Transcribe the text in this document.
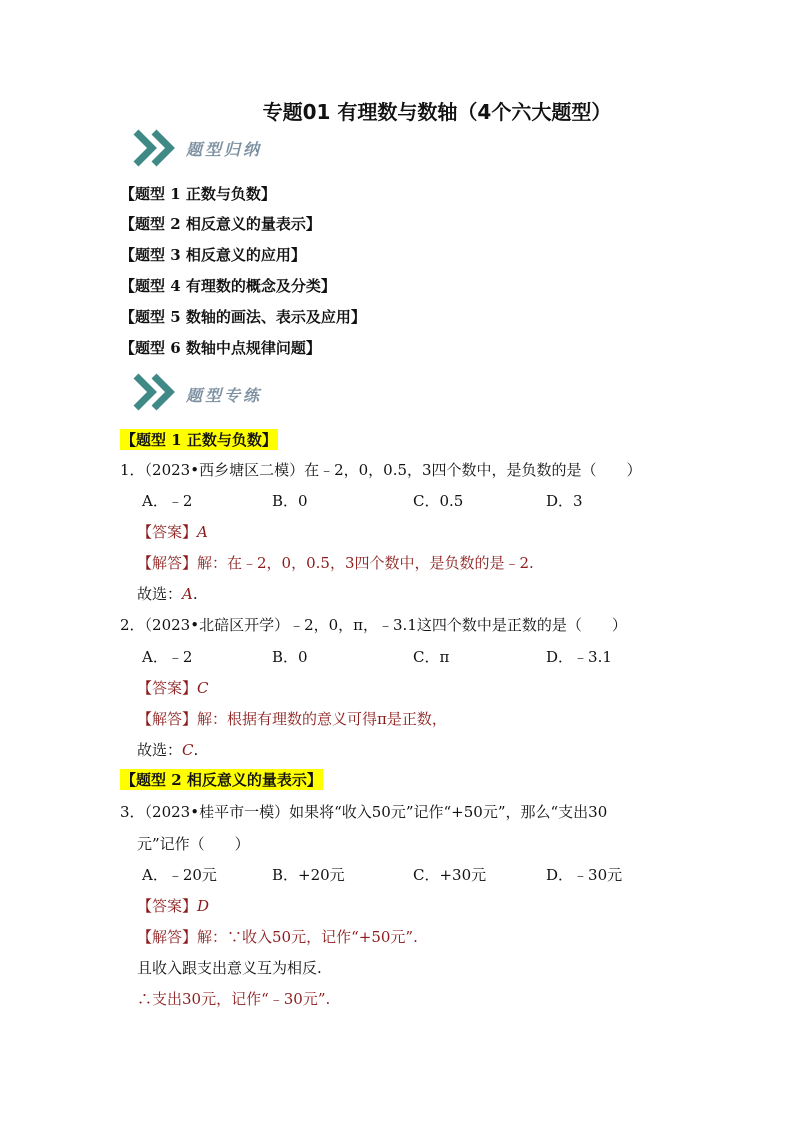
专题01 有理数与数轴（4个六大题型）
题型归纳
【题型 1 正数与负数】
【题型 2 相反意义的量表示】
【题型 3 相反意义的应用】
【题型 4 有理数的概念及分类】
【题型 5 数轴的画法、表示及应用】
【题型 6 数轴中点规律问题】
题型专练
【题型 1 正数与负数】
1．（2023•西乡塘区二模）在﹣2，0，0.5，3四个数中，是负数的是（　　）
A．﹣2	B．0	C．0.5	D．3
【答案】A
【解答】解：在﹣2，0，0.5，3四个数中，是负数的是﹣2.
故选：A.
2．（2023•北碚区开学）﹣2，0，π，﹣3.1这四个数中是正数的是（　　）
A．﹣2	B．0	C．π	D．﹣3.1
【答案】C
【解答】解：根据有理数的意义可得π是正数，
故选：C.
【题型 2 相反意义的量表示】
3．（2023•桂平市一模）如果将“收入50元”记作“+50元”，那么“支出30
元”记作（　　）
A．﹣20元	B．+20元	C．+30元	D．﹣30元
【答案】D
【解答】解：∵收入50元，记作“+50元”.
且收入跟支出意义互为相反.
∴支出30元，记作“﹣30元”.
